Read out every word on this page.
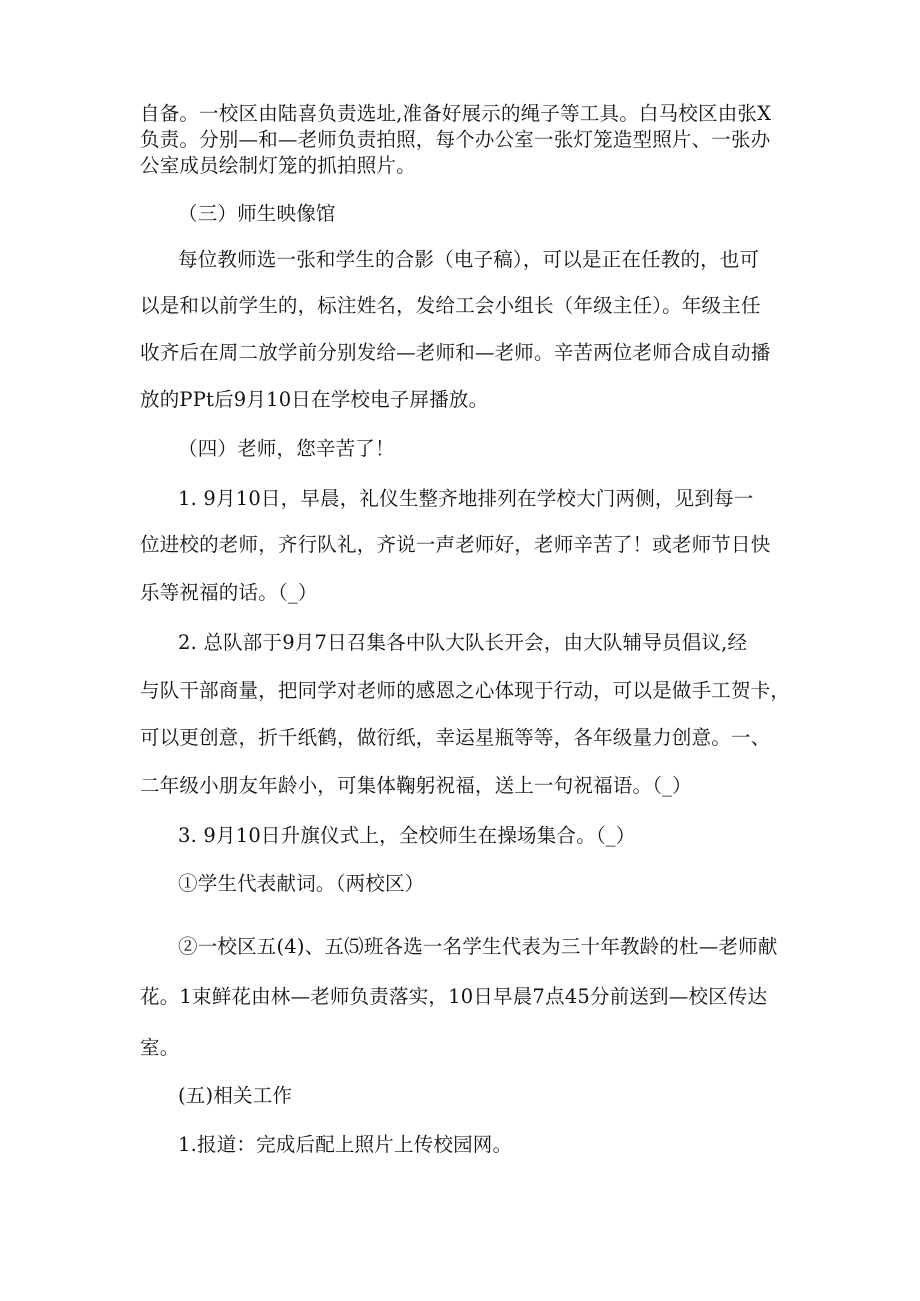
自备。一校区由陆喜负责选址,准备好展示的绳子等工具。白马校区由张X
负责。分别—和—老师负责拍照，每个办公室一张灯笼造型照片、一张办
公室成员绘制灯笼的抓拍照片。
（三）师生映像馆
每位教师选一张和学生的合影（电子稿），可以是正在任教的，也可
以是和以前学生的，标注姓名，发给工会小组长（年级主任）。年级主任
收齐后在周二放学前分别发给—老师和—老师。辛苦两位老师合成自动播
放的PPt后9月10日在学校电子屏播放。
（四）老师，您辛苦了！
1. 9月10日，早晨，礼仪生整齐地排列在学校大门两侧，见到每一
位进校的老师，齐行队礼，齐说一声老师好，老师辛苦了！或老师节日快
乐等祝福的话。（_）
2. 总队部于9月7日召集各中队大队长开会，由大队辅导员倡议,经
与队干部商量，把同学对老师的感恩之心体现于行动，可以是做手工贺卡，
可以更创意，折千纸鹤，做衍纸，幸运星瓶等等，各年级量力创意。一、
二年级小朋友年龄小，可集体鞠躬祝福，送上一句祝福语。（_）
3. 9月10日升旗仪式上，全校师生在操场集合。（_）
①学生代表献词。（两校区）
②一校区五(4)、五⑸班各选一名学生代表为三十年教龄的杜—老师献
花。1束鲜花由林—老师负责落实，10日早晨7点45分前送到—校区传达
室。
(五)相关工作
1.报道：完成后配上照片上传校园网。
